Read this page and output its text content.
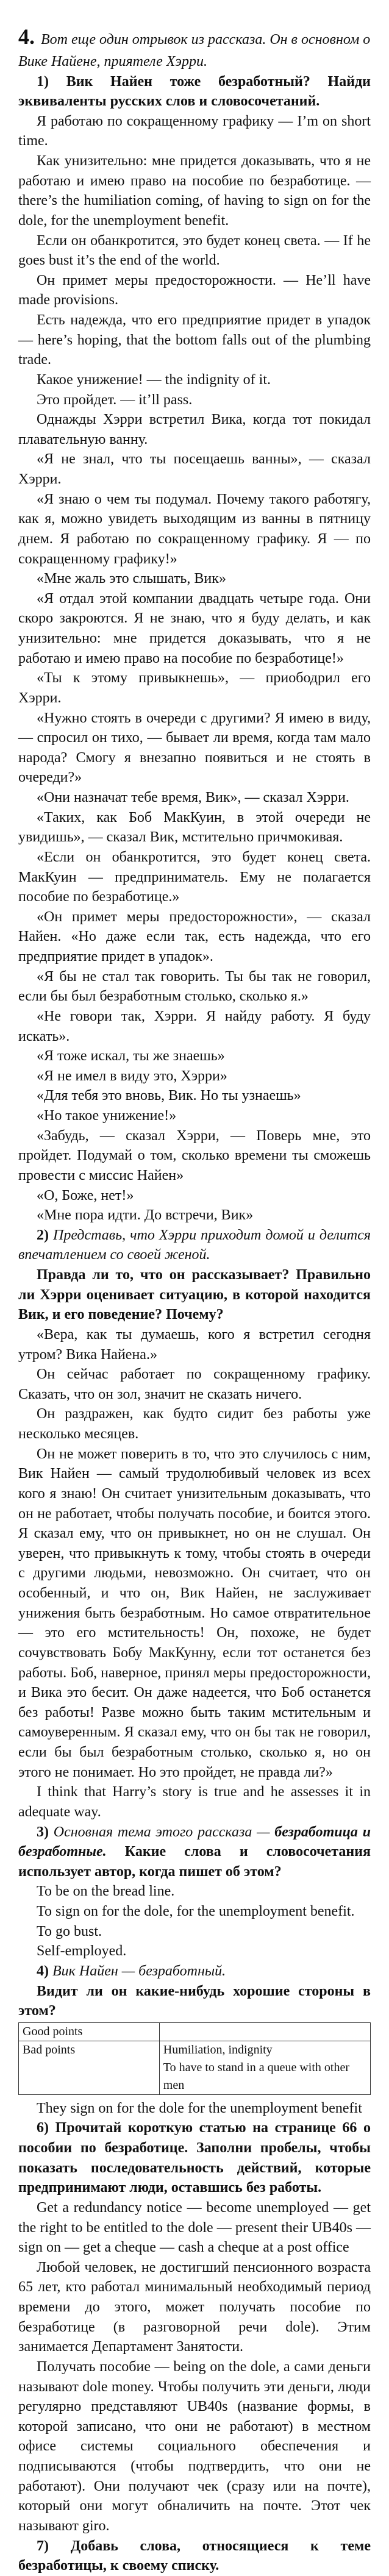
4. Вот еще один отрывок из рассказа. Он в основном о Вике Найене, приятеле Хэрри.

1) Вик Найен тоже безработный? Найди эквиваленты русских слов и словосочетаний.

Я работаю по сокращенному графику — I’m on short time.

Как унизительно: мне придется доказывать, что я не работаю и имею право на пособие по безработице. — there’s the humiliation coming, of having to sign on for the dole, for the unemployment benefit.

Если он обанкротится, это будет конец света. — If he goes bust it’s the end of the world.

Он примет меры предосторожности. — He’ll have made provisions.

Есть надежда, что его предприятие придет в упадок — here’s hoping, that the bottom falls out of the plumbing trade.

Какое унижение! — the indignity of it.

Это пройдет. — it’ll pass.

Однажды Хэрри встретил Вика, когда тот покидал плавательную ванну.

«Я не знал, что ты посещаешь ванны», — сказал Хэрри.

«Я знаю о чем ты подумал. Почему такого работягу, как я, можно увидеть выходящим из ванны в пятницу днем. Я работаю по сокращенному графику. Я — по сокращенному графику!»

«Мне жаль это слышать, Вик»

«Я отдал этой компании двадцать четыре года. Они скоро закроются. Я не знаю, что я буду делать, и как унизительно: мне придется доказывать, что я не работаю и имею право на пособие по безработице!»

«Ты к этому привыкнешь», — приободрил его Хэрри.

«Нужно стоять в очереди с другими? Я имею в виду, — спросил он тихо, — бывает ли время, когда там мало народа? Смогу я внезапно появиться и не стоять в очереди?»

«Они назначат тебе время, Вик», — сказал Хэрри.

«Таких, как Боб МакКуин, в этой очереди не увидишь», — сказал Вик, мстительно причмокивая.

«Если он обанкротится, это будет конец света. МакКуин — предприниматель. Ему не полагается пособие по безработице.»

«Он примет меры предосторожности», — сказал Найен. «Но даже если так, есть надежда, что его предприятие придет в упадок».

«Я бы не стал так говорить. Ты бы так не говорил, если бы был безработным столько, сколько я.»

«Не говори так, Хэрри. Я найду работу. Я буду искать».

«Я тоже искал, ты же знаешь»

«Я не имел в виду это, Хэрри»

«Для тебя это вновь, Вик. Но ты узнаешь»

«Но такое унижение!»

«Забудь, — сказал Хэрри, — Поверь мне, это пройдет. Подумай о том, сколько времени ты сможешь провести с миссис Найен»

«О, Боже, нет!»

«Мне пора идти. До встречи, Вик»

2) Представь, что Хэрри приходит домой и делится впечатлением со своей женой.

Правда ли то, что он рассказывает? Правильно ли Хэрри оценивает ситуацию, в которой находится Вик, и его поведение? Почему?

«Вера, как ты думаешь, кого я встретил сегодня утром? Вика Найена.»

Он сейчас работает по сокращенному графику. Сказать, что он зол, значит не сказать ничего.

Он раздражен, как будто сидит без работы уже несколько месяцев.

Он не может поверить в то, что это случилось с ним, Вик Найен — самый трудолюбивый человек из всех кого я знаю! Он считает унизительным доказывать, что он не работает, чтобы получать пособие, и боится этого. Я сказал ему, что он привыкнет, но он не слушал. Он уверен, что привыкнуть к тому, чтобы стоять в очереди с другими людьми, невозможно. Он считает, что он особенный, и что он, Вик Найен, не заслуживает унижения быть безработным. Но самое отвратительное — это его мстительность! Он, похоже, не будет сочувствовать Бобу МакКунну, если тот останется без работы. Боб, наверное, принял меры предосторожности, и Вика это бесит. Он даже надеется, что Боб останется без работы! Разве можно быть таким мстительным и самоуверенным. Я сказал ему, что он бы так не говорил, если бы был безработным столько, сколько я, но он этого не понимает. Но это пройдет, не правда ли?»

I think that Harry’s story is true and he assesses it in adequate way.

3) Основная тема этого рассказа — безработица и безработные. Какие слова и словосочетания использует автор, когда пишет об этом?

To be on the bread line.

To sign on for the dole, for the unemployment benefit.

To go bust.

Self-employed.

4) Вик Найен — безработный.

Видит ли он какие-нибудь хорошие стороны в этом?

Good points	
Bad points	Humiliation, indignity
To have to stand in a queue with other men

They sign on for the dole for the unemployment benefit

6) Прочитай короткую статью на странице 66 о пособии по безработице. Заполни пробелы, чтобы показать последовательность действий, которые предпринимают люди, оставшись без работы.

Get a redundancy notice — become unemployed — get the right to be entitled to the dole — present their UB40s — sign on — get a cheque — cash a cheque at a post office

Любой человек, не достигший пенсионного возраста 65 лет, кто работал минимальный необходимый период времени до этого, может получать пособие по безработице (в разговорной речи dole). Этим занимается Департамент Занятости.

Получать пособие — being on the dole, а сами деньги называют dole money. Чтобы получить эти деньги, люди регулярно представляют UB40s (название формы, в которой записано, что они не работают) в местном офисе системы социального обеспечения и подписываются (чтобы подтвердить, что они не работают). Они получают чек (сразу или на почте), который они могут обналичить на почте. Этот чек называют giro.

7) Добавь слова, относящиеся к теме безработицы, к своему списку.
